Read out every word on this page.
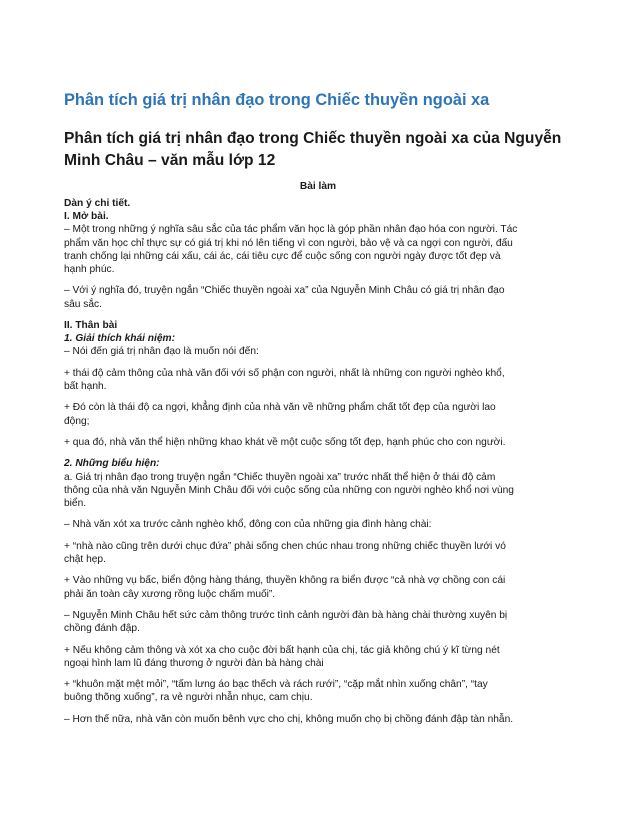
Phân tích giá trị nhân đạo trong Chiếc thuyền ngoài xa
Phân tích giá trị nhân đạo trong Chiếc thuyền ngoài xa của Nguyễn
Minh Châu – văn mẫu lớp 12
Bài làm

Dàn ý chi tiết.

I. Mở bài.

– Một trong những ý nghĩa sâu sắc của tác phẩm văn học là góp phần nhân đạo hóa con người. Tác
phẩm văn học chỉ thực sự có giá trị khi nó lên tiếng vì con người, bảo vệ và ca ngợi con người, đấu
tranh chống lại những cái xấu, cái ác, cái tiêu cực để cuộc sống con người ngày được tốt đẹp và
hạnh phúc.

– Với ý nghĩa đó, truyện ngắn “Chiếc thuyền ngoài xa” của Nguyễn Minh Châu có giá trị nhân đạo
sâu sắc.

II. Thân bài

1. Giải thích khái niệm:

– Nói đến giá trị nhân đạo là muốn nói đến:

+ thái độ cảm thông của nhà văn đối với số phận con người, nhất là những con người nghèo khổ,
bất hạnh.

+ Đó còn là thái độ ca ngợi, khẳng định của nhà văn về những phẩm chất tốt đẹp của người lao
động;

+ qua đó, nhà văn thể hiện những khao khát về một cuộc sống tốt đẹp, hạnh phúc cho con người.

2. Những biểu hiện:

a. Giá trị nhân đạo trong truyện ngắn “Chiếc thuyền ngoài xa” trước nhất thể hiện ở thái độ cảm
thông của nhà văn Nguyễn Minh Châu đối với cuộc sống của những con người nghèo khổ nơi vùng
biển.

– Nhà văn xót xa trước cảnh nghèo khổ, đông con của những gia đình hàng chài:

+ “nhà nào cũng trên dưới chục đứa” phải sống chen chúc nhau trong những chiếc thuyền lưới vó
chật hẹp.

+ Vào những vụ bấc, biển động hàng tháng, thuyền không ra biển được “cả nhà vợ chồng con cái
phải ăn toàn cây xương rồng luộc chấm muối”.

– Nguyễn Minh Châu hết sức cảm thông trước tình cảnh người đàn bà hàng chài thường xuyên bị
chồng đánh đập.

+ Nếu không cảm thông và xót xa cho cuộc đời bất hạnh của chị, tác giả không chú ý kĩ từng nét
ngoại hình lam lũ đáng thương ở người đàn bà hàng chài

+ “khuôn mặt mệt mỏi”, “tấm lưng áo bạc thếch và rách rưới”, “cặp mắt nhìn xuống chân”, “tay
buông thõng xuống”, ra vẻ người nhẫn nhục, cam chịu.

– Hơn thế nữa, nhà văn còn muốn bênh vực cho chị, không muốn chọ bị chồng đánh đập tàn nhẫn.
